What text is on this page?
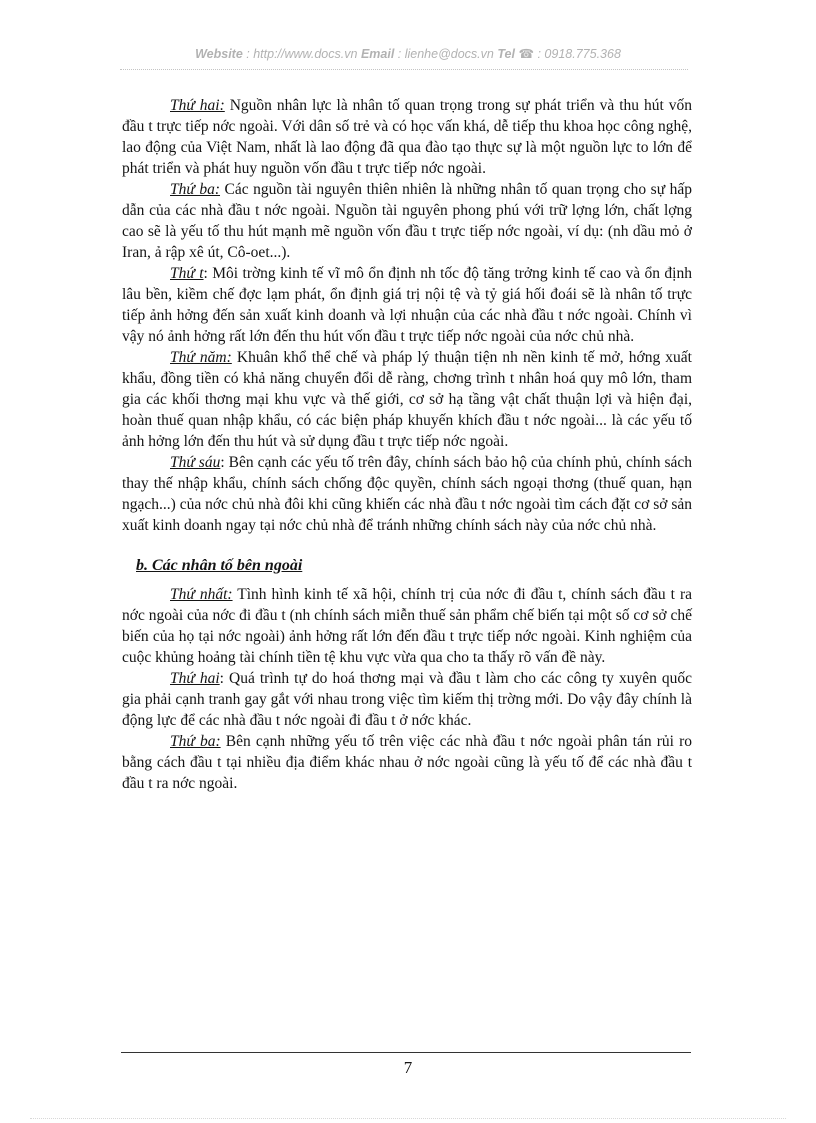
Website : http://www.docs.vn Email : lienhe@docs.vn Tel ☎ : 0918.775.368

Thứ hai: Nguồn nhân lực là nhân tố quan trọng trong sự phát triển và thu hút vốn đầu t trực tiếp nớc ngoài. Với dân số trẻ và có học vấn khá, dễ tiếp thu khoa học công nghệ, lao động của Việt Nam, nhất là lao động đã qua đào tạo thực sự là một nguồn lực to lớn để phát triển và phát huy nguồn vốn đầu t trực tiếp nớc ngoài.

Thứ ba: Các nguồn tài nguyên thiên nhiên là những nhân tố quan trọng cho sự hấp dẫn của các nhà đầu t nớc ngoài. Nguồn tài nguyên phong phú với trữ lợng lớn, chất lợng cao sẽ là yếu tố thu hút mạnh mẽ nguồn vốn đầu t trực tiếp nớc ngoài, ví dụ: (nh dầu mỏ ở Iran, ả rập xê út, Cô-oet...).

Thứ t: Môi trờng kinh tế vĩ mô ổn định nh tốc độ tăng trởng kinh tế cao và ổn định lâu bền, kiềm chế đợc lạm phát, ổn định giá trị nội tệ và tỷ giá hối đoái sẽ là nhân tố trực tiếp ảnh hởng đến sản xuất kinh doanh và lợi nhuận của các nhà đầu t nớc ngoài. Chính vì vậy nó ảnh hởng rất lớn đến thu hút vốn đầu t trực tiếp nớc ngoài của nớc chủ nhà.

Thứ năm: Khuân khổ thể chế và pháp lý thuận tiện nh nền kinh tế mở, hớng xuất khẩu, đồng tiền có khả năng chuyển đổi dễ ràng, chơng trình t nhân hoá quy mô lớn, tham gia các khối thơng mại khu vực và thế giới, cơ sở hạ tầng vật chất thuận lợi và hiện đại, hoàn thuế quan nhập khẩu, có các biện pháp khuyến khích đầu t nớc ngoài... là các yếu tố ảnh hởng lớn đến thu hút và sử dụng đầu t trực tiếp nớc ngoài.

Thứ sáu: Bên cạnh các yếu tố trên đây, chính sách bảo hộ của chính phủ, chính sách thay thế nhập khẩu, chính sách chống độc quyền, chính sách ngoại thơng (thuế quan, hạn ngạch...) của nớc chủ nhà đôi khi cũng khiến các nhà đầu t nớc ngoài tìm cách đặt cơ sở sản xuất kinh doanh ngay tại nớc chủ nhà để tránh những chính sách này của nớc chủ nhà.

b. Các nhân tố bên ngoài

Thứ nhất: Tình hình kinh tế xã hội, chính trị của nớc đi đầu t, chính sách đầu t ra nớc ngoài của nớc đi đầu t (nh chính sách miễn thuế sản phẩm chế biến tại một số cơ sở chế biến của họ tại nớc ngoài) ảnh hởng rất lớn đến đầu t trực tiếp nớc ngoài. Kinh nghiệm của cuộc khủng hoảng tài chính tiền tệ khu vực vừa qua cho ta thấy rõ vấn đề này.

Thứ hai: Quá trình tự do hoá thơng mại và đầu t làm cho các công ty xuyên quốc gia phải cạnh tranh gay gắt với nhau trong việc tìm kiếm thị trờng mới. Do vậy đây chính là động lực để các nhà đầu t nớc ngoài đi đầu t ở nớc khác.

Thứ ba: Bên cạnh những yếu tố trên việc các nhà đầu t nớc ngoài phân tán rủi ro bằng cách đầu t tại nhiều địa điểm khác nhau ở nớc ngoài cũng là yếu tố để các nhà đầu t đầu t ra nớc ngoài.

7
